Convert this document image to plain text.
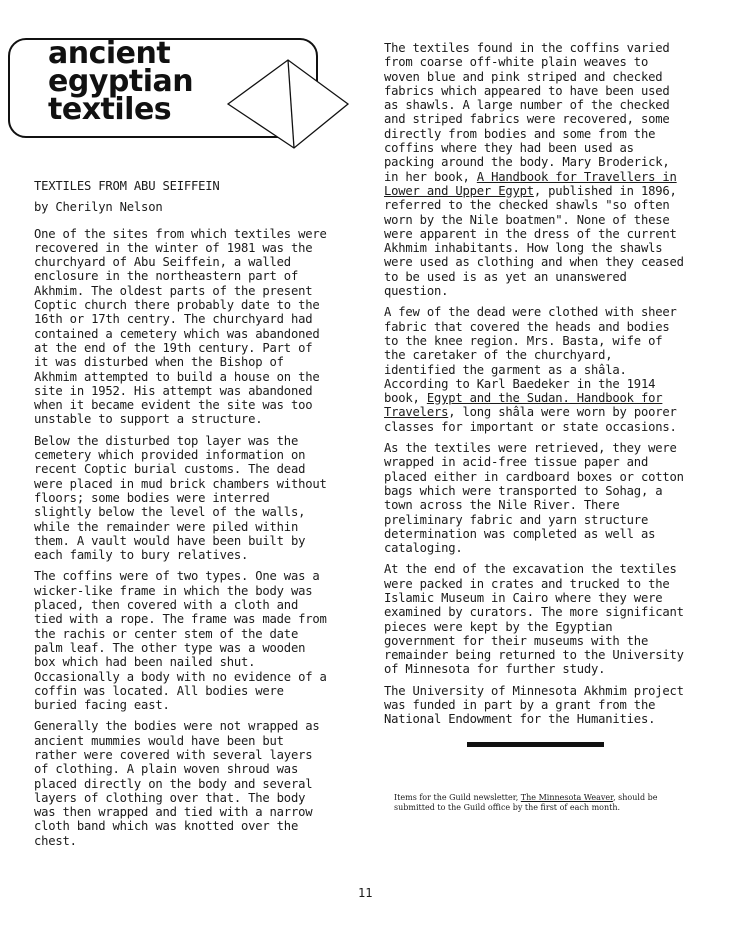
ancient
egyptian
textiles

TEXTILES FROM ABU SEIFFEIN

by Cherilyn Nelson

One of the sites from which textiles were recovered in the winter of 1981 was the churchyard of Abu Seiffein, a walled enclosure in the northeastern part of Akhmim. The oldest parts of the present Coptic church there probably date to the 16th or 17th centry. The churchyard had contained a cemetery which was abandoned at the end of the 19th century. Part of it was disturbed when the Bishop of Akhmim attempted to build a house on the site in 1952. His attempt was abandoned when it became evident the site was too unstable to support a structure.

Below the disturbed top layer was the cemetery which provided information on recent Coptic burial customs. The dead were placed in mud brick chambers without floors; some bodies were interred slightly below the level of the walls, while the remainder were piled within them. A vault would have been built by each family to bury relatives.

The coffins were of two types. One was a wicker-like frame in which the body was placed, then covered with a cloth and tied with a rope. The frame was made from the rachis or center stem of the date palm leaf. The other type was a wooden box which had been nailed shut. Occasionally a body with no evidence of a coffin was located. All bodies were buried facing east.

Generally the bodies were not wrapped as ancient mummies would have been but rather were covered with several layers of clothing. A plain woven shroud was placed directly on the body and several layers of clothing over that. The body was then wrapped and tied with a narrow cloth band which was knotted over the chest.

The textiles found in the coffins varied from coarse off-white plain weaves to woven blue and pink striped and checked fabrics which appeared to have been used as shawls. A large number of the checked and striped fabrics were recovered, some directly from bodies and some from the coffins where they had been used as packing around the body. Mary Broderick, in her book, A Handbook for Travellers in Lower and Upper Egypt, published in 1896, referred to the checked shawls "so often worn by the Nile boatmen". None of these were apparent in the dress of the current Akhmim inhabitants. How long the shawls were used as clothing and when they ceased to be used is as yet an unanswered question.

A few of the dead were clothed with sheer fabric that covered the heads and bodies to the knee region. Mrs. Basta, wife of the caretaker of the churchyard, identified the garment as a shâla. According to Karl Baedeker in the 1914 book, Egypt and the Sudan. Handbook for Travelers, long shâla were worn by poorer classes for important or state occasions.

As the textiles were retrieved, they were wrapped in acid-free tissue paper and placed either in cardboard boxes or cotton bags which were transported to Sohag, a town across the Nile River. There preliminary fabric and yarn structure determination was completed as well as cataloging.

At the end of the excavation the textiles were packed in crates and trucked to the Islamic Museum in Cairo where they were examined by curators. The more significant pieces were kept by the Egyptian government for their museums with the remainder being returned to the University of Minnesota for further study.

The University of Minnesota Akhmim project was funded in part by a grant from the National Endowment for the Humanities.

Items for the Guild newsletter, The Minnesota Weaver, should be submitted to the Guild office by the first of each month.
11
